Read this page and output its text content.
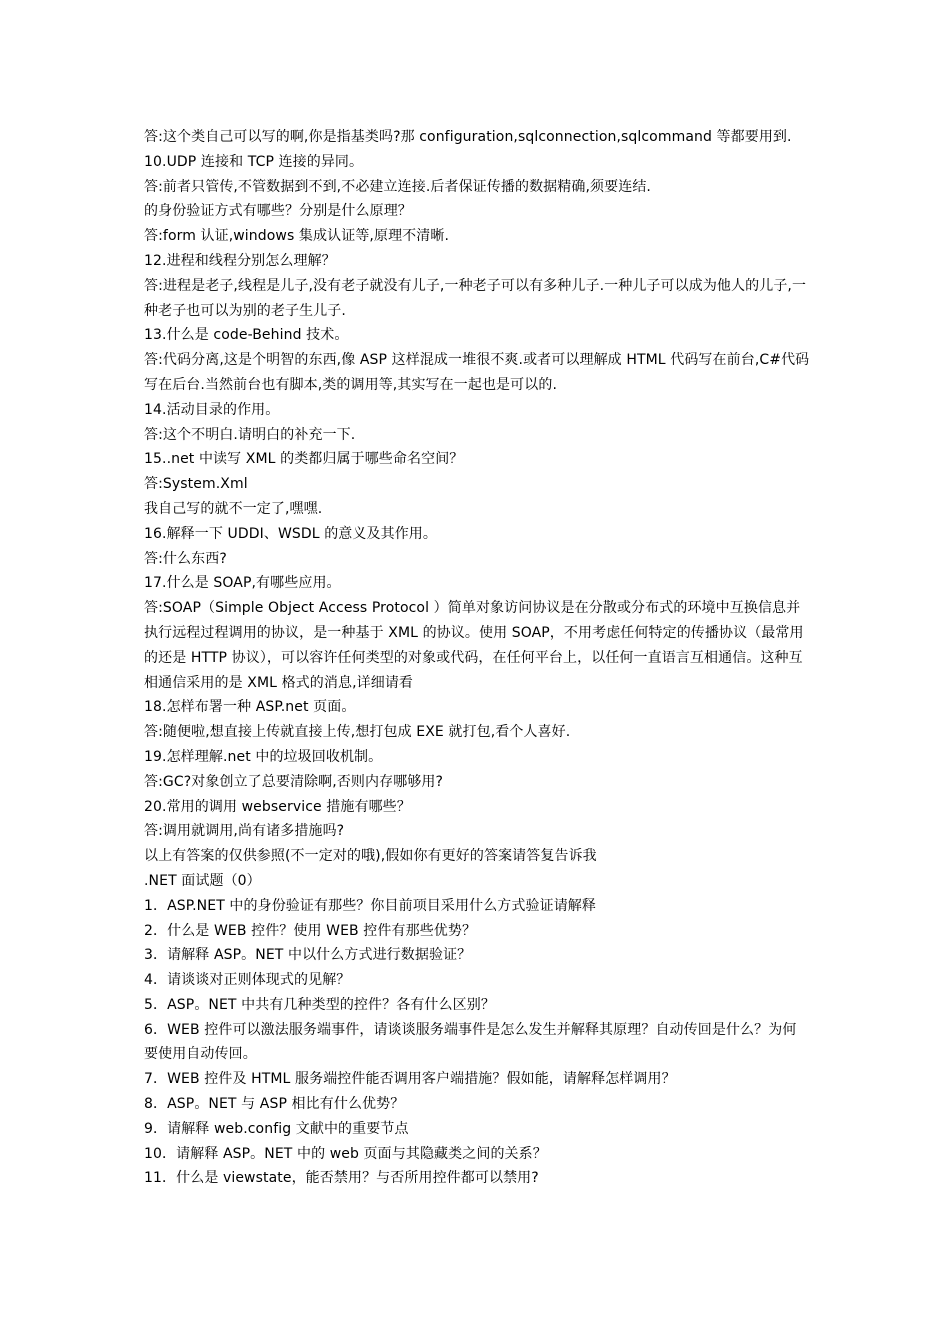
答:这个类自己可以写的啊,你是指基类吗?那 configuration,sqlconnection,sqlcommand 等都要用到.

10.UDP 连接和 TCP 连接的异同。

答:前者只管传,不管数据到不到,不必建立连接.后者保证传播的数据精确,须要连结.

的身份验证方式有哪些？分别是什么原理？

答:form 认证,windows 集成认证等,原理不清晰.

12.进程和线程分别怎么理解？

答:进程是老子,线程是儿子,没有老子就没有儿子,一种老子可以有多种儿子.一种儿子可以成为他人的儿子,一种老子也可以为别的老子生儿子.

13.什么是 code-Behind 技术。

答:代码分离,这是个明智的东西,像 ASP 这样混成一堆很不爽.或者可以理解成 HTML 代码写在前台,C#代码写在后台.当然前台也有脚本,类的调用等,其实写在一起也是可以的.

14.活动目录的作用。

答:这个不明白.请明白的补充一下.

15..net 中读写 XML 的类都归属于哪些命名空间？

答:System.Xml

我自己写的就不一定了,嘿嘿.

16.解释一下 UDDI、WSDL 的意义及其作用。

答:什么东西?

17.什么是 SOAP,有哪些应用。

答:SOAP（Simple Object Access Protocol ）简单对象访问协议是在分散或分布式的环境中互换信息并执行远程过程调用的协议，是一种基于 XML 的协议。使用 SOAP，不用考虑任何特定的传播协议（最常用的还是 HTTP 协议），可以容许任何类型的对象或代码，在任何平台上，以任何一直语言互相通信。这种互相通信采用的是 XML 格式的消息,详细请看

18.怎样布署一种 ASP.net 页面。

答:随便啦,想直接上传就直接上传,想打包成 EXE 就打包,看个人喜好.

19.怎样理解.net 中的垃圾回收机制。

答:GC?对象创立了总要清除啊,否则内存哪够用?

20.常用的调用 webservice 措施有哪些？

答:调用就调用,尚有诸多措施吗?

以上有答案的仅供参照(不一定对的哦),假如你有更好的答案请答复告诉我

.NET 面试题（0）

1．ASP.NET 中的身份验证有那些？你目前项目采用什么方式验证请解释

2．什么是 WEB 控件？使用 WEB 控件有那些优势？

3．请解释 ASP。NET 中以什么方式进行数据验证？

4．请谈谈对正则体现式的见解？

5．ASP。NET 中共有几种类型的控件？各有什么区别？

6．WEB 控件可以激法服务端事件，请谈谈服务端事件是怎么发生并解释其原理？自动传回是什么？为何要使用自动传回。

7．WEB 控件及 HTML 服务端控件能否调用客户端措施？假如能，请解释怎样调用？

8．ASP。NET 与 ASP 相比有什么优势？

9．请解释 web.config 文献中的重要节点

10．请解释 ASP。NET 中的 web 页面与其隐藏类之间的关系？

11．什么是 viewstate，能否禁用？与否所用控件都可以禁用?
